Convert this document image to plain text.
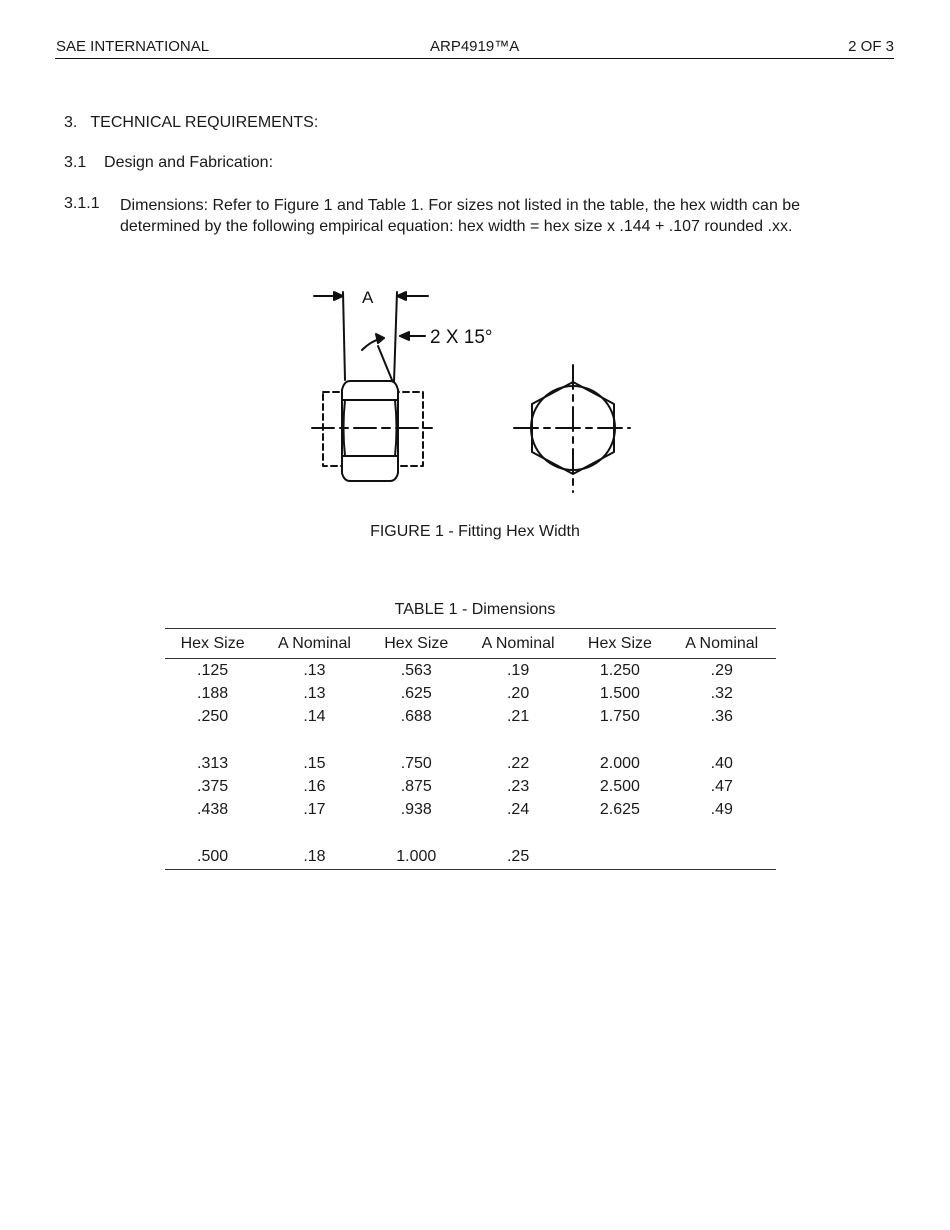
SAE INTERNATIONAL	ARP4919™A	2 OF 3
3.   TECHNICAL REQUIREMENTS:
3.1    Design and Fabrication:
3.1.1 Dimensions: Refer to Figure 1 and Table 1. For sizes not listed in the table, the hex width can be determined by the following empirical equation: hex width = hex size x .144 + .107 rounded .xx.
A
2 X 15°
FIGURE 1 - Fitting Hex Width
TABLE 1 - Dimensions
Hex Size	A Nominal	Hex Size	A Nominal	Hex Size	A Nominal
.125	.13	.563	.19	1.250	.29
.188	.13	.625	.20	1.500	.32
.250	.14	.688	.21	1.750	.36

.313	.15	.750	.22	2.000	.40
.375	.16	.875	.23	2.500	.47
.438	.17	.938	.24	2.625	.49

.500	.18	1.000	.25		
